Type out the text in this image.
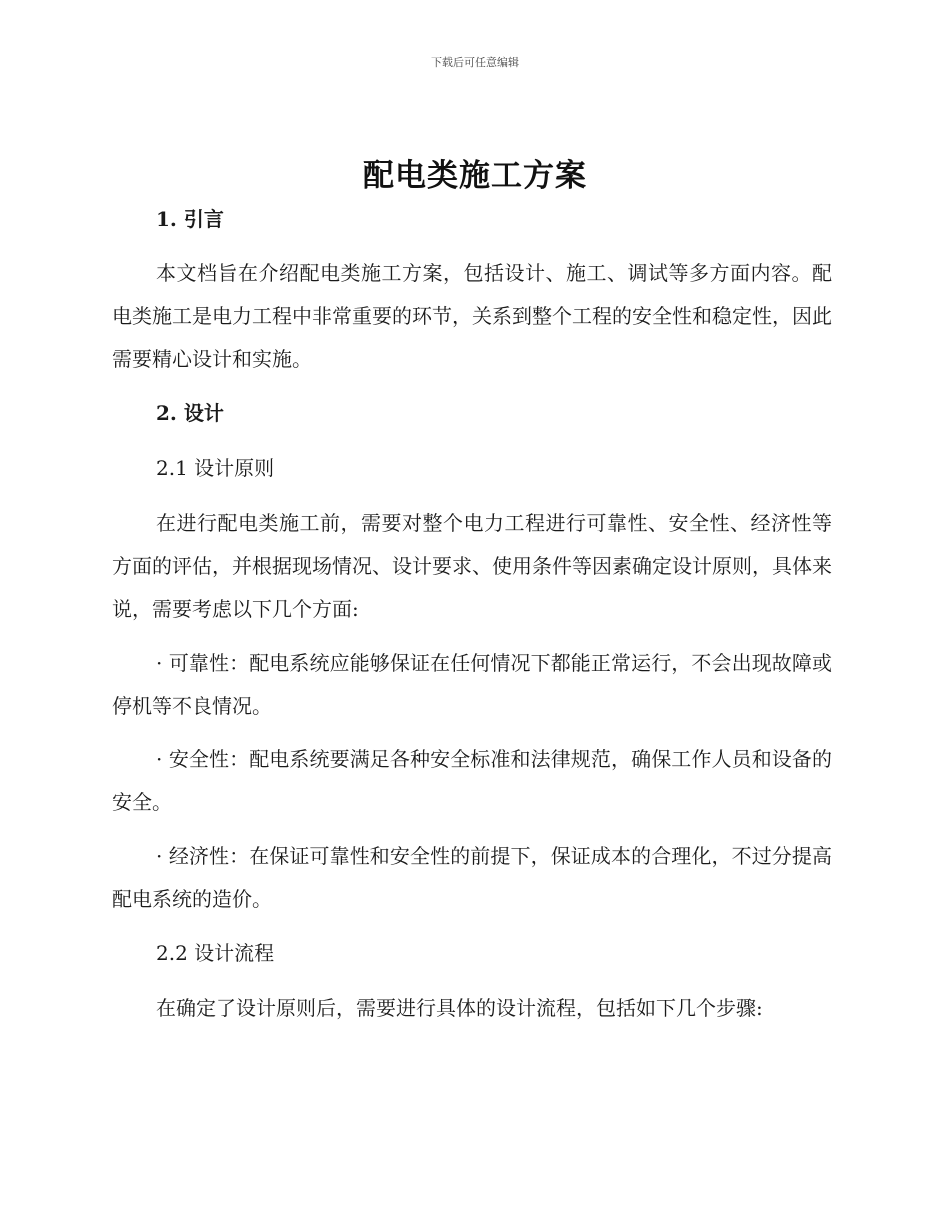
下载后可任意编辑
配电类施工方案
1. 引言

本文档旨在介绍配电类施工方案，包括设计、施工、调试等多方面内容。配电类施工是电力工程中非常重要的环节，关系到整个工程的安全性和稳定性，因此需要精心设计和实施。

2. 设计
2.1 设计原则

在进行配电类施工前，需要对整个电力工程进行可靠性、安全性、经济性等方面的评估，并根据现场情况、设计要求、使用条件等因素确定设计原则，具体来说，需要考虑以下几个方面:

· 可靠性：配电系统应能够保证在任何情况下都能正常运行，不会出现故障或停机等不良情况。

· 安全性：配电系统要满足各种安全标准和法律规范，确保工作人员和设备的安全。

· 经济性：在保证可靠性和安全性的前提下，保证成本的合理化，不过分提高配电系统的造价。

2.2 设计流程

在确定了设计原则后，需要进行具体的设计流程，包括如下几个步骤:
